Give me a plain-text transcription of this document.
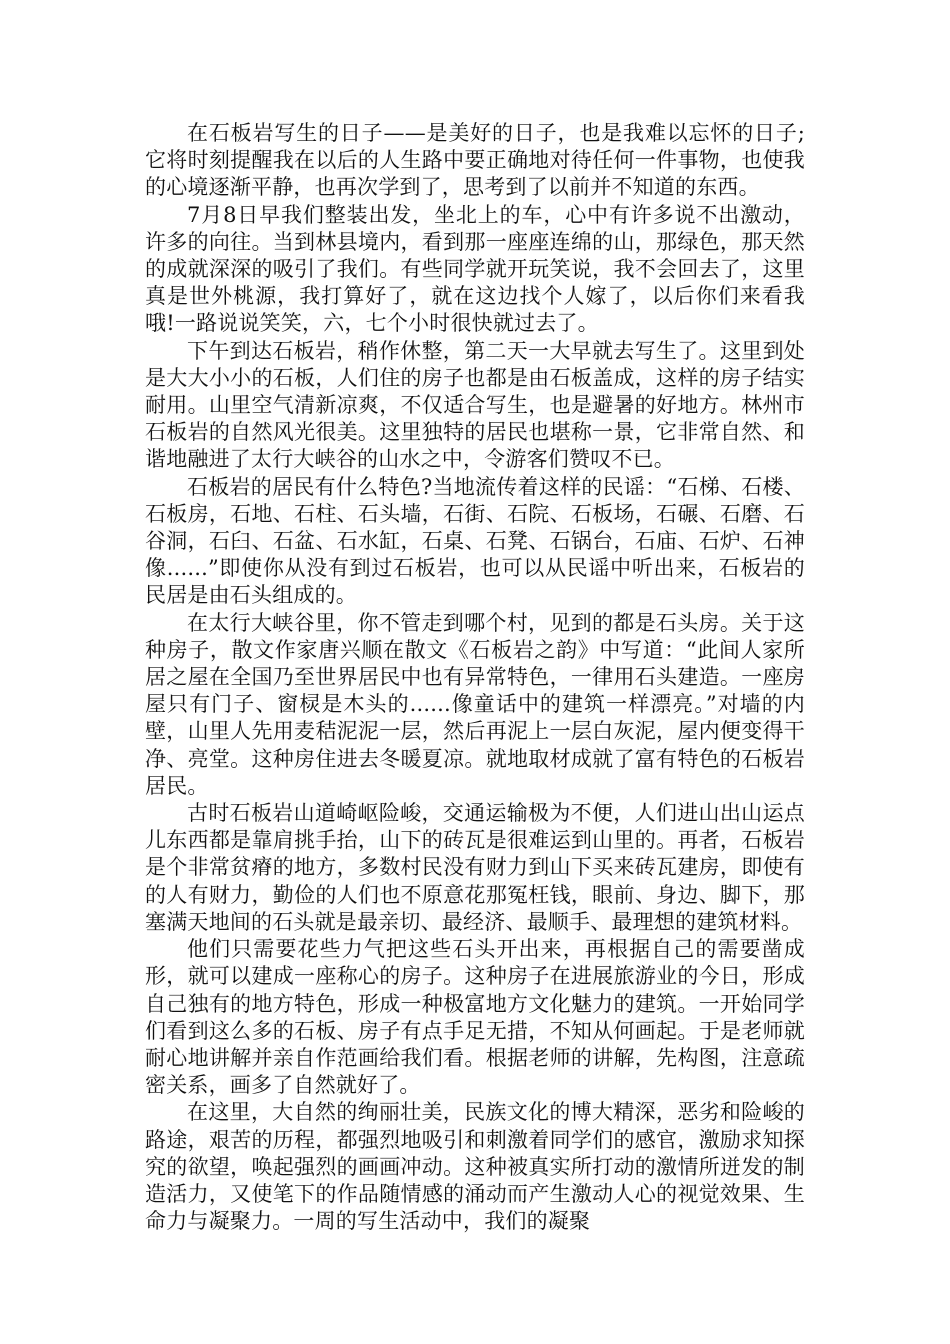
在石板岩写生的日子——是美好的日子，也是我难以忘怀的日子;它将时刻提醒我在以后的人生路中要正确地对待任何一件事物，也使我的心境逐渐平静，也再次学到了，思考到了以前并不知道的东西。

7月8日早我们整装出发，坐北上的车，心中有许多说不出激动，许多的向往。当到林县境内，看到那一座座连绵的山，那绿色，那天然的成就深深的吸引了我们。有些同学就开玩笑说，我不会回去了，这里真是世外桃源，我打算好了，就在这边找个人嫁了，以后你们来看我哦!一路说说笑笑，六，七个小时很快就过去了。

下午到达石板岩，稍作休整，第二天一大早就去写生了。这里到处是大大小小的石板，人们住的房子也都是由石板盖成，这样的房子结实耐用。山里空气清新凉爽，不仅适合写生，也是避暑的好地方。林州市石板岩的自然风光很美。这里独特的居民也堪称一景，它非常自然、和谐地融进了太行大峡谷的山水之中，令游客们赞叹不已。

石板岩的居民有什么特色?当地流传着这样的民谣：“石梯、石楼、石板房，石地、石柱、石头墙，石街、石院、石板场，石碾、石磨、石谷洞，石臼、石盆、石水缸，石桌、石凳、石锅台，石庙、石炉、石神像......”即使你从没有到过石板岩，也可以从民谣中听出来，石板岩的民居是由石头组成的。

在太行大峡谷里，你不管走到哪个村，见到的都是石头房。关于这种房子，散文作家唐兴顺在散文《石板岩之韵》中写道：“此间人家所居之屋在全国乃至世界居民中也有异常特色，一律用石头建造。一座房屋只有门子、窗棂是木头的......像童话中的建筑一样漂亮。”对墙的内壁，山里人先用麦秸泥泥一层，然后再泥上一层白灰泥，屋内便变得干净、亮堂。这种房住进去冬暖夏凉。就地取材成就了富有特色的石板岩居民。

古时石板岩山道崎岖险峻，交通运输极为不便，人们进山出山运点儿东西都是靠肩挑手抬，山下的砖瓦是很难运到山里的。再者，石板岩是个非常贫瘠的地方，多数村民没有财力到山下买来砖瓦建房，即使有的人有财力，勤俭的人们也不原意花那冤枉钱，眼前、身边、脚下，那塞满天地间的石头就是最亲切、最经济、最顺手、最理想的建筑材料。

他们只需要花些力气把这些石头开出来，再根据自己的需要凿成形，就可以建成一座称心的房子。这种房子在进展旅游业的今日，形成自己独有的地方特色，形成一种极富地方文化魅力的建筑。一开始同学们看到这么多的石板、房子有点手足无措，不知从何画起。于是老师就耐心地讲解并亲自作范画给我们看。根据老师的讲解，先构图，注意疏密关系，画多了自然就好了。

在这里，大自然的绚丽壮美，民族文化的博大精深，恶劣和险峻的路途，艰苦的历程，都强烈地吸引和刺激着同学们的感官，激励求知探究的欲望，唤起强烈的画画冲动。这种被真实所打动的激情所迸发的制造活力，又使笔下的作品随情感的涌动而产生激动人心的视觉效果、生命力与凝聚力。一周的写生活动中，我们的凝聚
